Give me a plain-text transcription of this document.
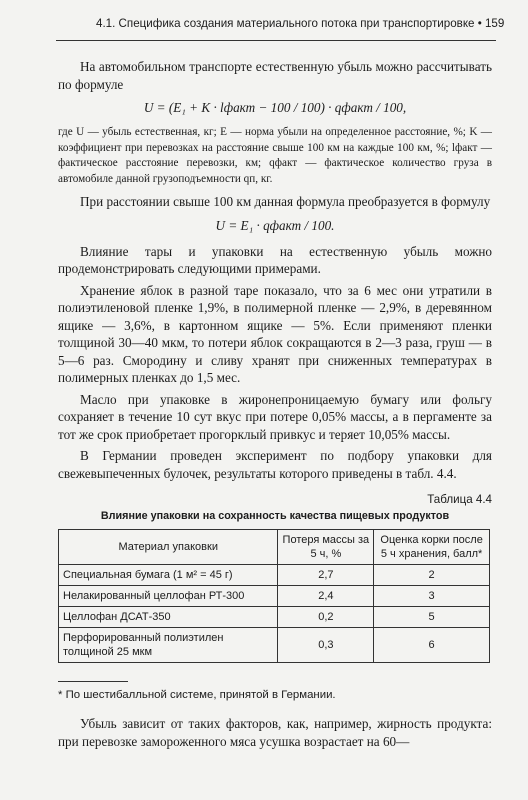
4.1. Специфика создания материального потока при транспортировке • 159

На автомобильном транспорте естественную убыль можно рассчитывать по формуле

U = (E₁ + K · lфакт − 100 / 100) · qфакт / 100,

где U — убыль естественная, кг; E — норма убыли на определенное расстояние, %; K — коэффициент при перевозках на расстояние свыше 100 км на каждые 100 км, %; lфакт — фактическое расстояние перевозки, км; qфакт — фактическое количество груза в автомобиле данной грузоподъемности qп, кг.

При расстоянии свыше 100 км данная формула преобразуется в формулу

U = E₁ · qфакт / 100.

Влияние тары и упаковки на естественную убыль можно продемонстрировать следующими примерами.

Хранение яблок в разной таре показало, что за 6 мес они утратили в полиэтиленовой пленке 1,9%, в полимерной пленке — 2,9%, в деревянном ящике — 3,6%, в картонном ящике — 5%. Если применяют пленки толщиной 30—40 мкм, то потери яблок сокращаются в 2—3 раза, груш — в 5—6 раз. Смородину и сливу хранят при сниженных температурах в полимерных пленках до 1,5 мес.

Масло при упаковке в жиронепроницаемую бумагу или фольгу сохраняет в течение 10 сут вкус при потере 0,05% массы, а в пергаменте за тот же срок приобретает прогорклый привкус и теряет 10,05% массы.

В Германии проведен эксперимент по подбору упаковки для свежевыпеченных булочек, результаты которого приведены в табл. 4.4.

Таблица 4.4
Влияние упаковки на сохранность качества пищевых продуктов
Материал упаковки	Потеря массы за 5 ч, %	Оценка корки после 5 ч хранения, балл*
Специальная бумага (1 м² = 45 г)	2,7	2
Нелакированный целлофан РТ-300	2,4	3
Целлофан ДСАТ-350	0,2	5
Перфорированный полиэтилен толщиной 25 мкм	0,3	6
* По шестибалльной системе, принятой в Германии.

Убыль зависит от таких факторов, как, например, жирность продукта: при перевозке замороженного мяса усушка возрастает на 60—
